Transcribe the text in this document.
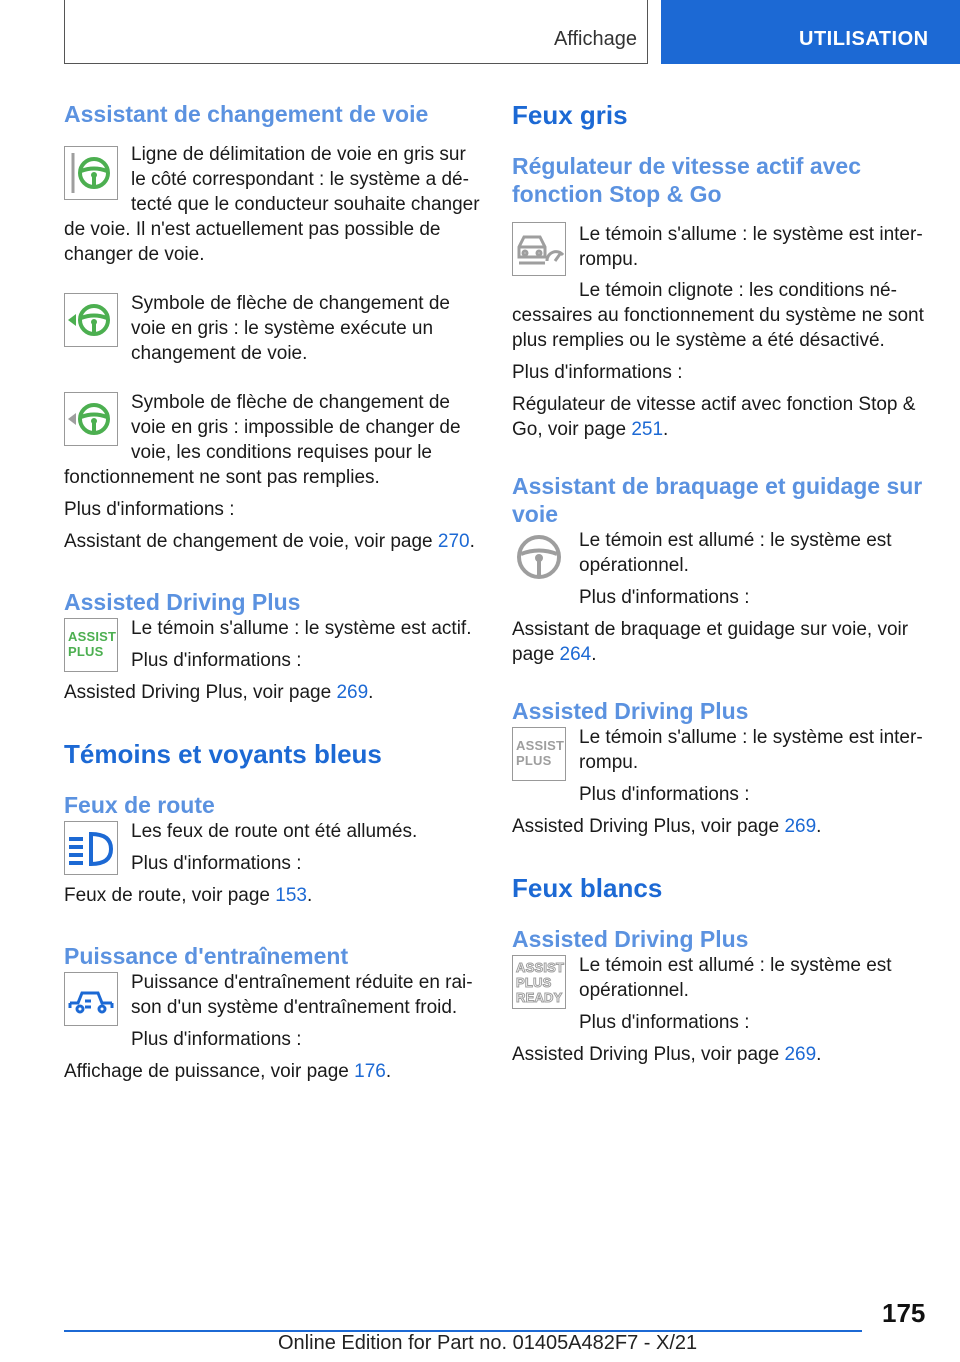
Affichage	UTILISATION
Assistant de changement de voie

Ligne de délimitation de voie en gris sur le côté correspondant : le système a détecté que le conducteur souhaite changer de voie. Il n'est actuellement pas possible de changer de voie.

Symbole de flèche de changement de voie en gris : le système exécute un changement de voie.

Symbole de flèche de changement de voie en gris : impossible de changer de voie, les conditions requises pour le fonctionnement ne sont pas remplies.

Plus d'informations :

Assistant de changement de voie, voir page 270.

Assisted Driving Plus
ASSIST
PLUS

Le témoin s'allume : le système est actif.

Plus d'informations :

Assisted Driving Plus, voir page 269.

Témoins et voyants bleus
Feux de route

Les feux de route ont été allumés.

Plus d'informations :

Feux de route, voir page 153.

Puissance d'entraînement

Puissance d'entraînement réduite en raison d'un système d'entraînement froid.

Plus d'informations :

Affichage de puissance, voir page 176.

Feux gris
Régulateur de vitesse actif avec fonction Stop & Go

Le témoin s'allume : le système est interrompu.

Le témoin clignote : les conditions nécessaires au fonctionnement du système ne sont plus remplies ou le système a été désactivé.

Plus d'informations :

Régulateur de vitesse actif avec fonction Stop & Go, voir page 251.

Assistant de braquage et guidage sur voie

Le témoin est allumé : le système est opérationnel.

Plus d'informations :

Assistant de braquage et guidage sur voie, voir page 264.

Assisted Driving Plus
ASSIST
PLUS

Le témoin s'allume : le système est interrompu.

Plus d'informations :

Assisted Driving Plus, voir page 269.

Feux blancs
Assisted Driving Plus
ASSIST
PLUS
READY

Le témoin est allumé : le système est opérationnel.

Plus d'informations :

Assisted Driving Plus, voir page 269.

175
Online Edition for Part no. 01405A482F7 - X/21
